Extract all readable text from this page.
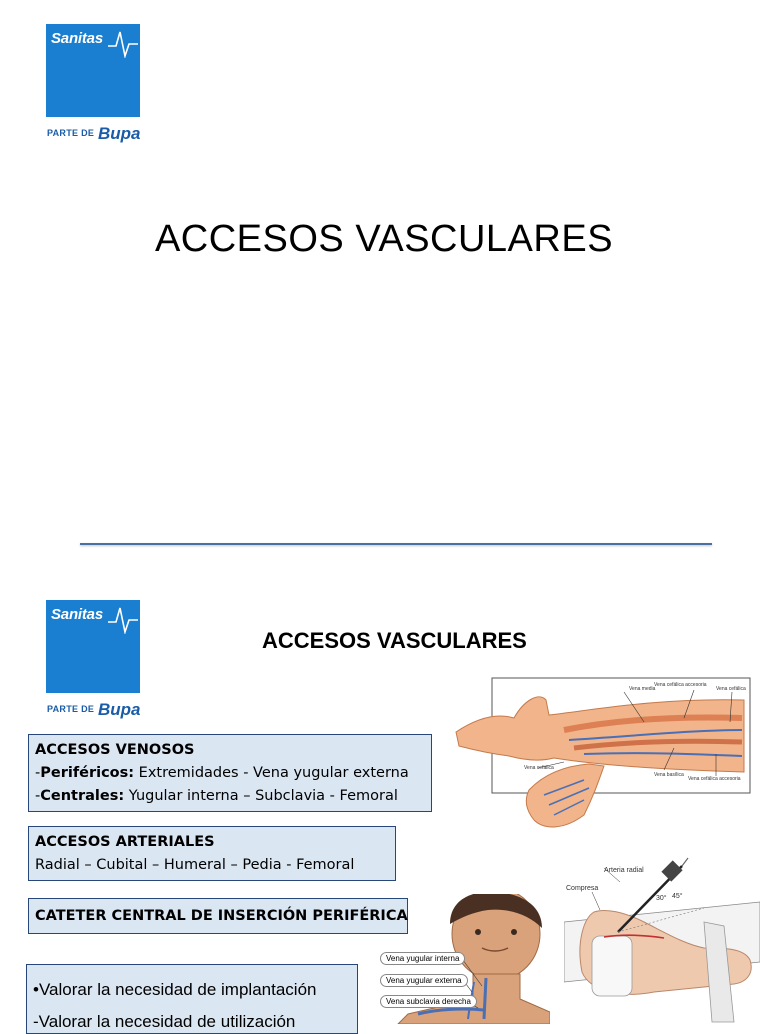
Sanitas
PARTE DE Bupa
ACCESOS VASCULARES
Sanitas
PARTE DE Bupa
ACCESOS VASCULARES
ACCESOS VENOSOS
-Periféricos: Extremidades - Vena yugular externa
-Centrales: Yugular interna – Subclavia - Femoral
ACCESOS ARTERIALES
Radial – Cubital – Humeral – Pedia - Femoral
CATETER CENTRAL DE INSERCIÓN PERIFÉRICA
•Valorar la necesidad de implantación
-Valorar la necesidad de utilización
Vena cefálica accesoria
Vena media	Vena cefálica
Vena cefálica
Vena basílica
Vena cefálica accesoria
Vena yugular interna
Vena yugular externa
Vena subclavia derecha
Arteria radial
Compresa
30° 45°
